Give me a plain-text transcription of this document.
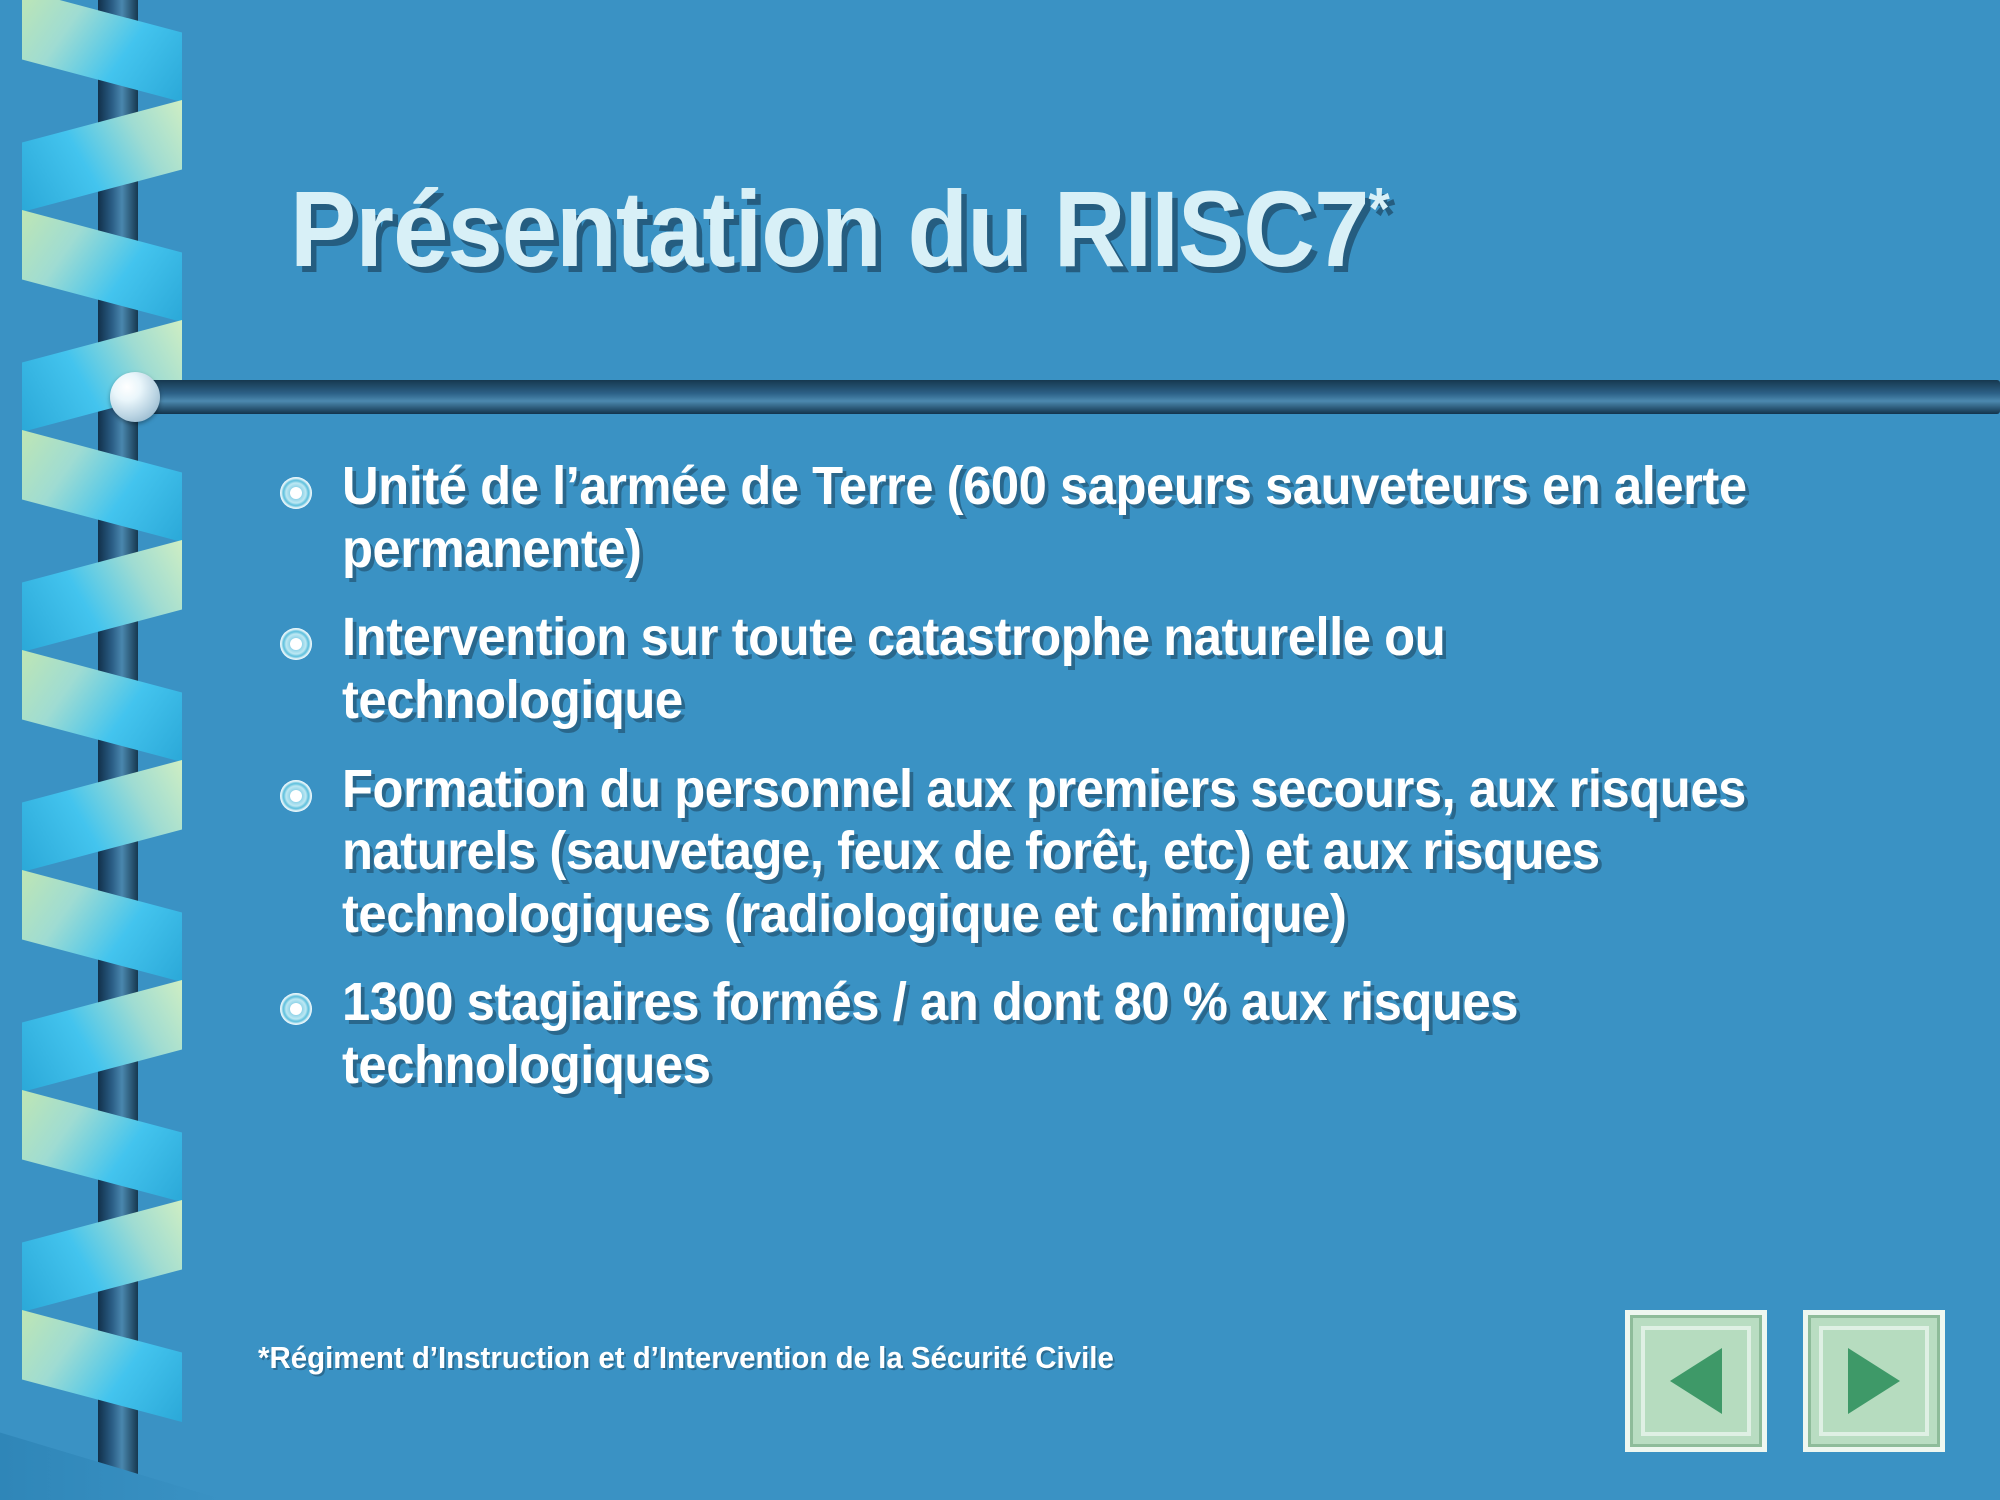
Présentation du RIISC7*
Unité de l’armée de Terre (600 sapeurs sauveteurs en alerte permanente)
Intervention sur toute catastrophe naturelle ou technologique
Formation du personnel aux premiers secours, aux risques naturels (sauvetage, feux de forêt, etc) et aux risques technologiques (radiologique et chimique)
1300 stagiaires formés / an dont 80 % aux risques technologiques
*Régiment d’Instruction et d’Intervention de la Sécurité Civile
